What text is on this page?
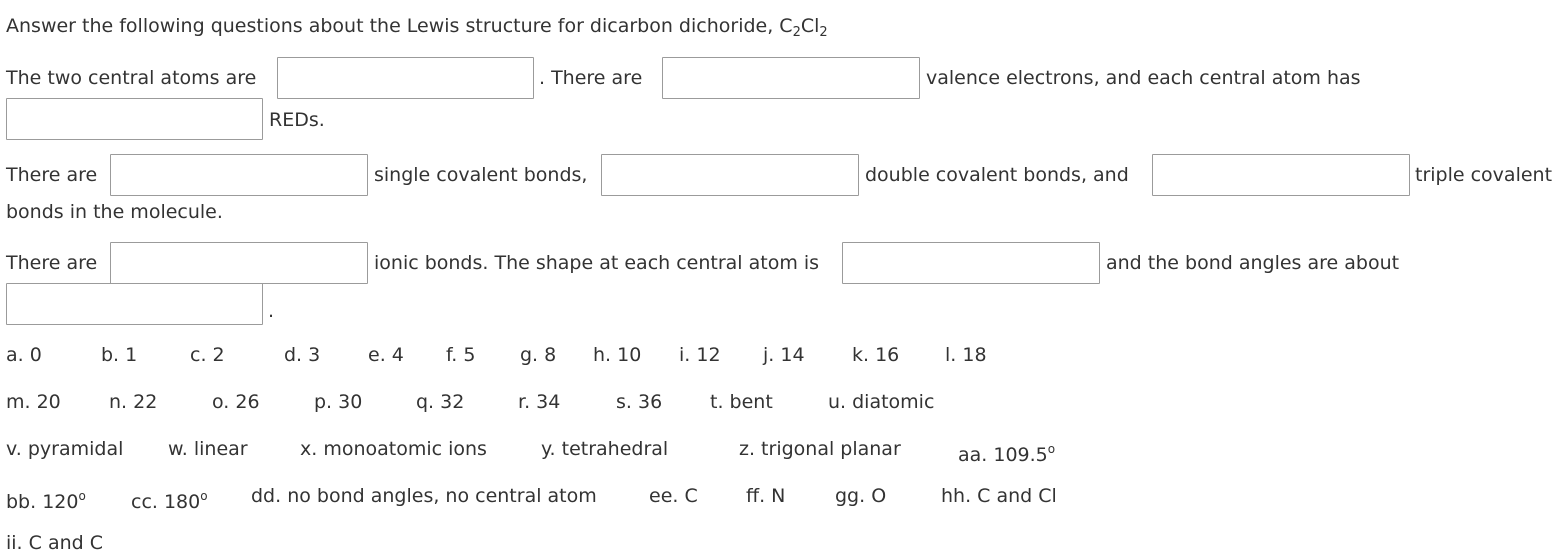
Answer the following questions about the Lewis structure for dicarbon dichoride, $C_2Cl_2$
The two central atoms are	. There are	valence electrons, and each central atom has
REDs.
There are	single covalent bonds,	double covalent bonds, and	triple covalent
bonds in the molecule.
There are	ionic bonds. The shape at each central atom is	and the bond angles are about
.
a. 0	b. 1	c. 2	d. 3	e. 4 f. 5 g. 8 h. 10 i. 12 j. 14 k. 16 l. 18
m. 20	n. 22	o. 26	p. 30	q. 32	r. 34	s. 36	t. bent	u. diatomic
v. pyramidal w. linear	x. monoatomic ions	y. tetrahedral	z. trigonal planar	aa. 109.5$^o$
bb. 120$^o$ cc. 180$^o$ dd. no bond angles, no central atom	ee. C	ff. N	gg. O	hh. C and Cl
ii. C and C
